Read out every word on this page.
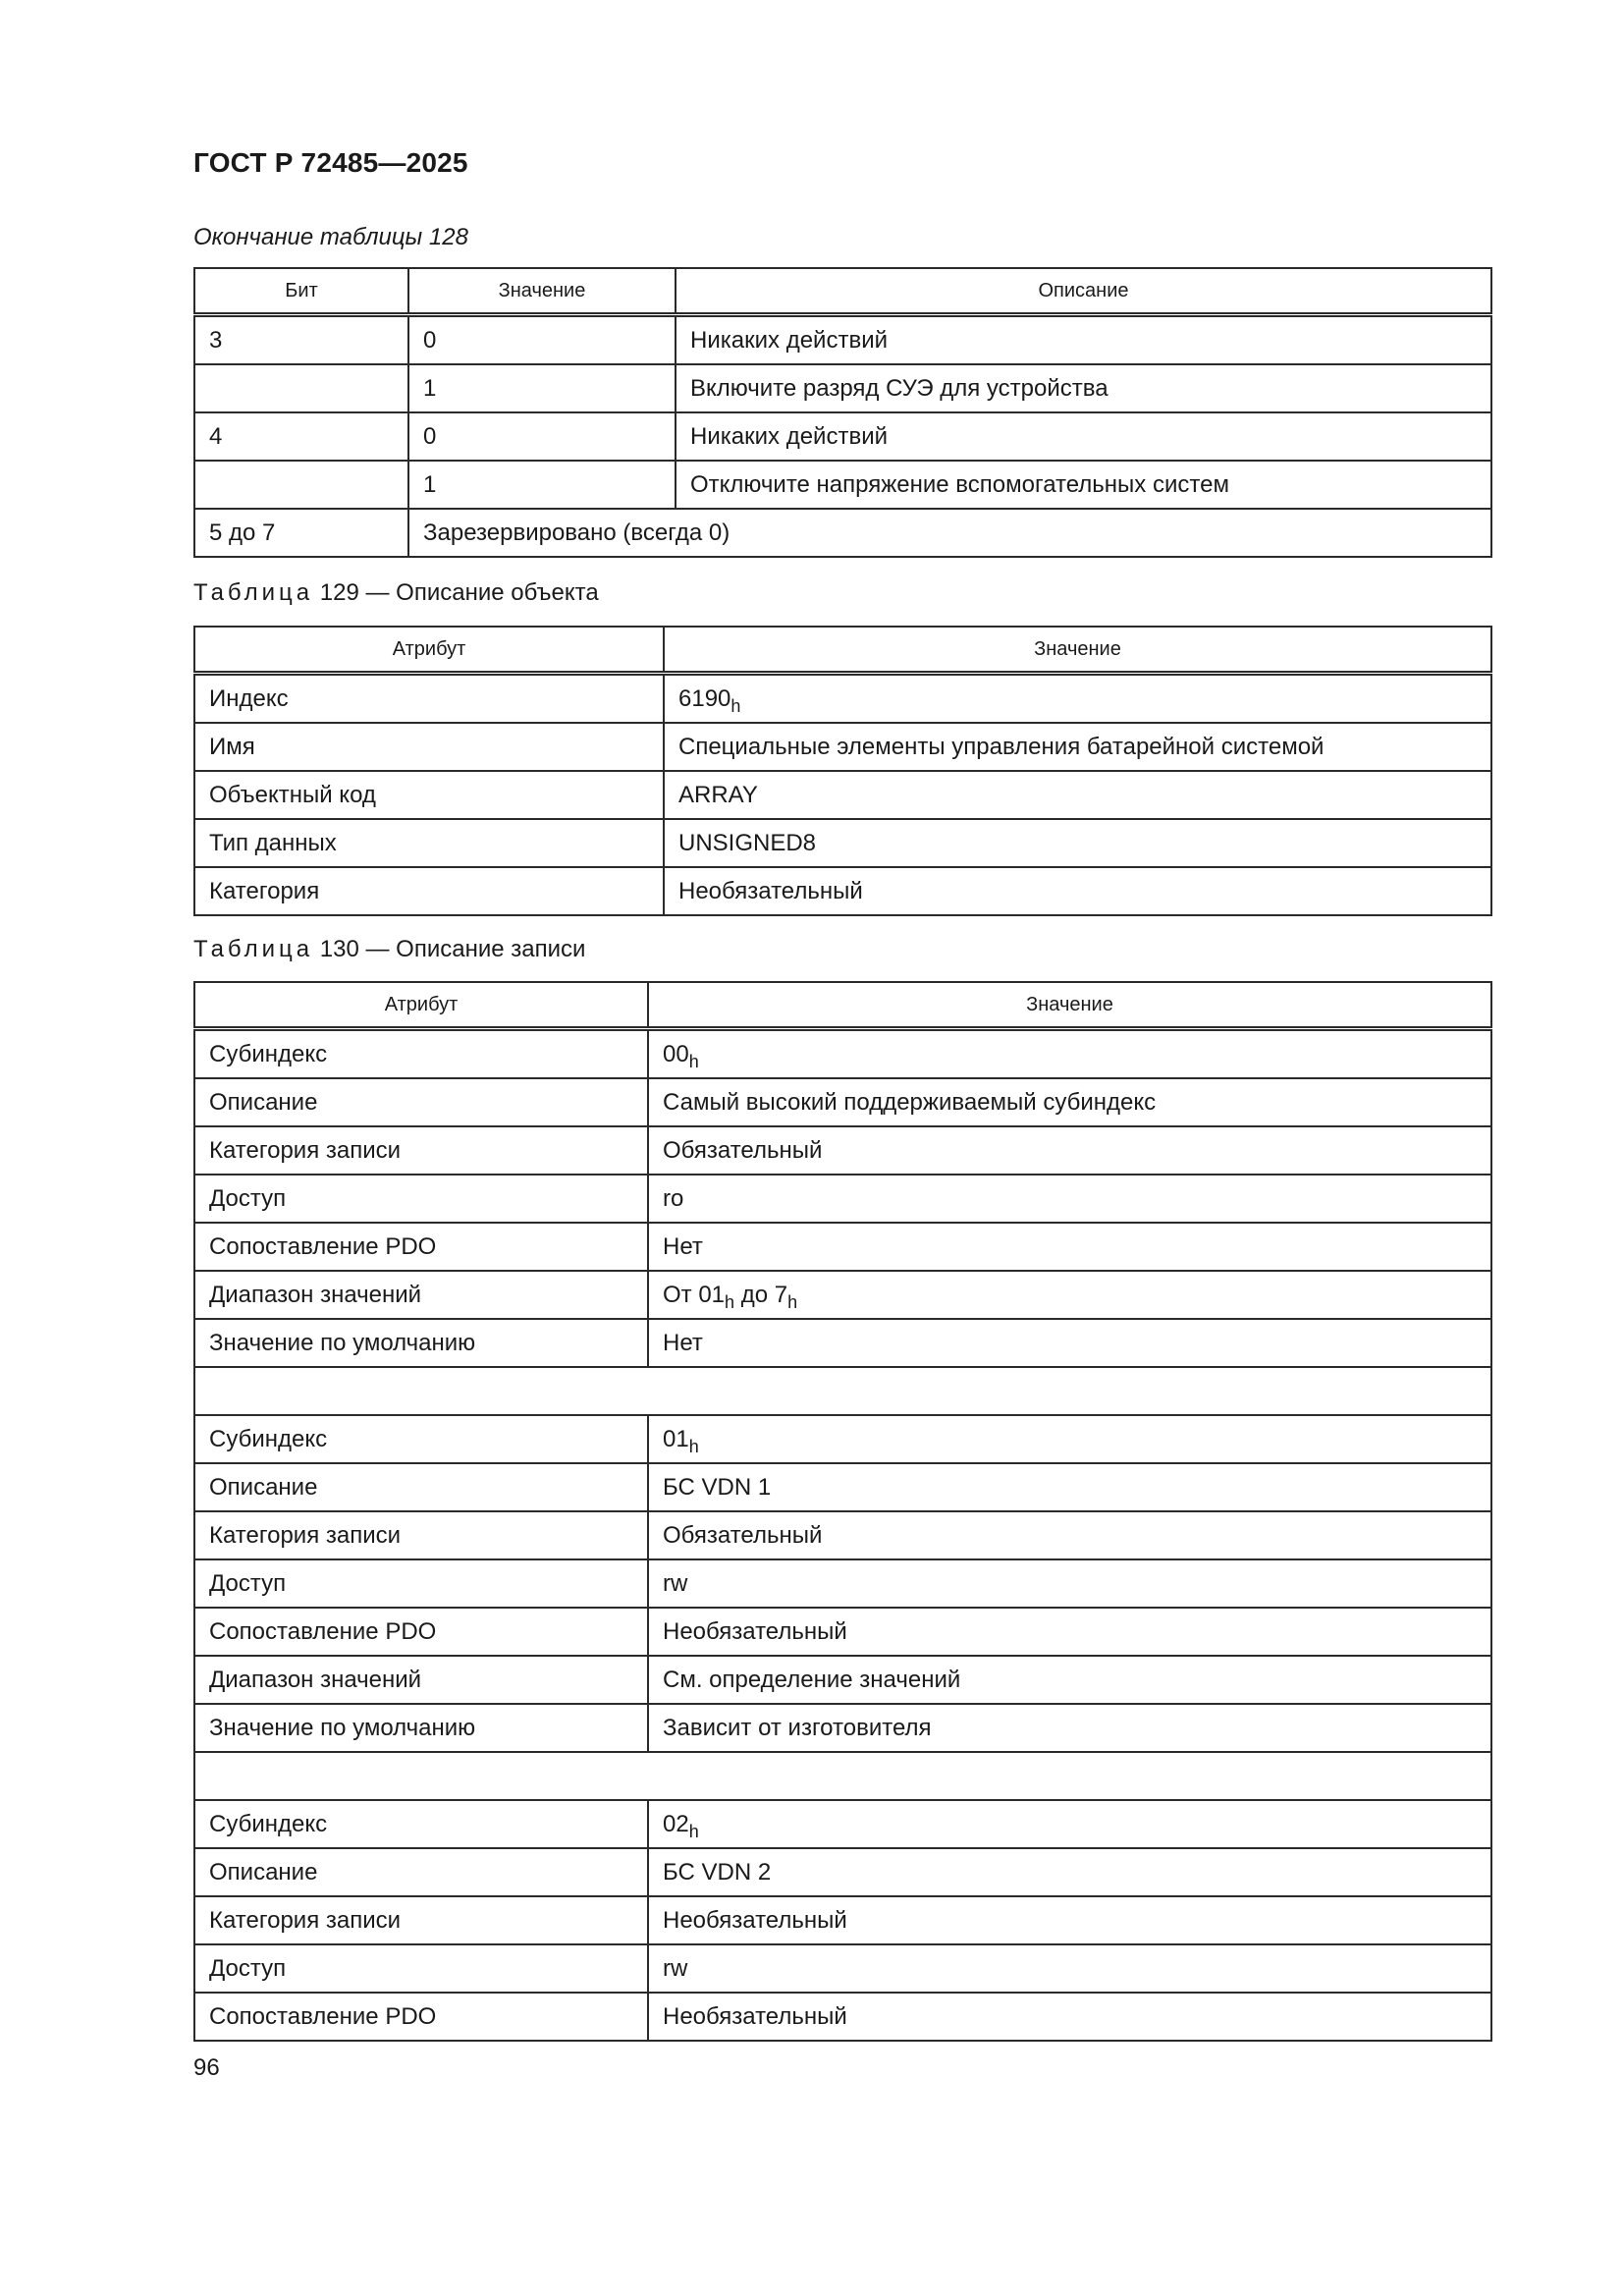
ГОСТ Р 72485—2025
Окончание таблицы 128
Бит	Значение	Описание
3	0	Никаких действий
	1	Включите разряд СУЭ для устройства
4	0	Никаких действий
	1	Отключите напряжение вспомогательных систем
5 до 7	Зарезервировано (всегда 0)	
Таблица 129 — Описание объекта
Атрибут	Значение
Индекс	$6190_h$
Имя	Специальные элементы управления батарейной системой
Объектный код	ARRAY
Тип данных	UNSIGNED8
Категория	Необязательный
Таблица 130 — Описание записи
Атрибут	Значение
Субиндекс	$00_h$
Описание	Самый высокий поддерживаемый субиндекс
Категория записи	Обязательный
Доступ	ro
Сопоставление PDO	Нет
Диапазон значений	От $01_h$ до $7_h$
Значение по умолчанию	Нет

Субиндекс	$01_h$
Описание	БС VDN 1
Категория записи	Обязательный
Доступ	rw
Сопоставление PDO	Необязательный
Диапазон значений	См. определение значений
Значение по умолчанию	Зависит от изготовителя

Субиндекс	$02_h$
Описание	БС VDN 2
Категория записи	Необязательный
Доступ	rw
Сопоставление PDO	Необязательный
96
